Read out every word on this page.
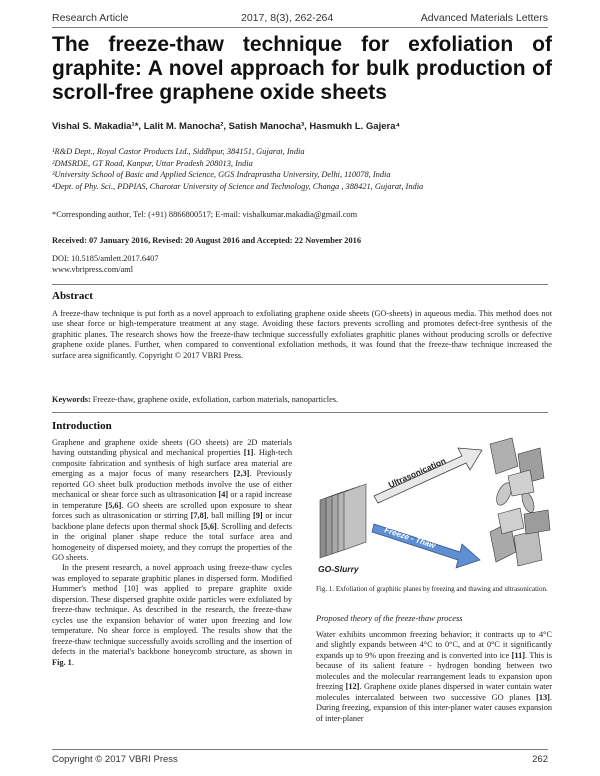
Research Article	2017, 8(3), 262-264	Advanced Materials Letters
The freeze-thaw technique for exfoliation of graphite: A novel approach for bulk production of scroll-free graphene oxide sheets
Vishal S. Makadia¹*, Lalit M. Manocha², Satish Manocha³, Hasmukh L. Gajera⁴
¹R&D Dept., Royal Castor Products Ltd., Siddhpur, 384151, Gujarat, India
²DMSRDE, GT Road, Kanpur, Uttar Pradesh 208013, India
³University School of Basic and Applied Science, GGS Indraprastha University, Delhi, 110078, India
⁴Dept. of Phy. Sci., PDPIAS, Charotar University of Science and Technology, Changa , 388421, Gujarat, India
*Corresponding author, Tel: (+91) 8866800517; E-mail: vishalkumar.makadia@gmail.com
Received: 07 January 2016, Revised: 20 August 2016 and Accepted: 22 November 2016
DOI: 10.5185/amlett.2017.6407
www.vbripress.com/aml
Abstract

A freeze-thaw technique is put forth as a novel approach to exfoliating graphene oxide sheets (GO-sheets) in aqueous media. This method does not use shear force or high-temperature treatment at any stage. Avoiding these factors prevents scrolling and promotes defect-free synthesis of the graphitic planes. The research shows how the freeze-thaw technique successfully exfoliates graphitic planes without producing scrolls or defective graphene oxide planes. Further, when compared to conventional exfoliation methods, it was found that the freeze-thaw technique increased the surface area significantly. Copyright © 2017 VBRI Press.

Keywords: Freeze-thaw, graphene oxide, exfoliation, carbon materials, nanoparticles.
Introduction

Graphene and graphene oxide sheets (GO sheets) are 2D materials having outstanding physical and mechanical properties [1]. High-tech composite fabrication and synthesis of high surface area material are emerging as a major focus of many researchers [2,3]. Previously reported GO sheet bulk production methods involve the use of either mechanical or shear force such as ultrasonication [4] or a rapid increase in temperature [5,6]. GO sheets are scrolled upon exposure to shear forces such as ultrasonication or stirring [7,8], ball milling [9] or incur backbone plane defects upon thermal shock [5,6]. Scrolling and defects in the original planer shape reduce the total surface area and homogeneity of dispersed moiety, and they corrupt the properties of the GO sheets.

In the present research, a novel approach using freeze-thaw cycles was employed to separate graphitic planes in dispersed form. Modified Hummer's method [10] was applied to prepare graphite oxide dispersion. These dispersed graphite oxide particles were exfoliated by freeze-thaw technique. As described in the research, the freeze-thaw cycles use the expansion behavior of water upon freezing and low temperature. No shear force is employed. The results show that the freeze-thaw technique successfully avoids scrolling and the insertion of defects in the material's backbone honeycomb structure, as shown in Fig. 1.

GO-Slurry
Ultrasonication
Freeze - Thaw
Fig. 1. Exfoliation of graphitic planes by freezing and thawing and ultrasonication.
Proposed theory of the freeze-thaw process

Water exhibits uncommon freezing behavior; it contracts up to 4°C and slightly expands between 4°C to 0°C, and at 0°C it significantly expands up to 9% upon freezing and is converted into ice [11]. This is because of its salient feature - hydrogen bonding between two molecules and the molecular rearrangement leads to expansion upon freezing [12]. Graphene oxide planes dispersed in water contain water molecules intercalated between two successive GO planes [13]. During freezing, expansion of this inter-planer water causes expansion of inter-planer

Copyright © 2017 VBRI Press	262
